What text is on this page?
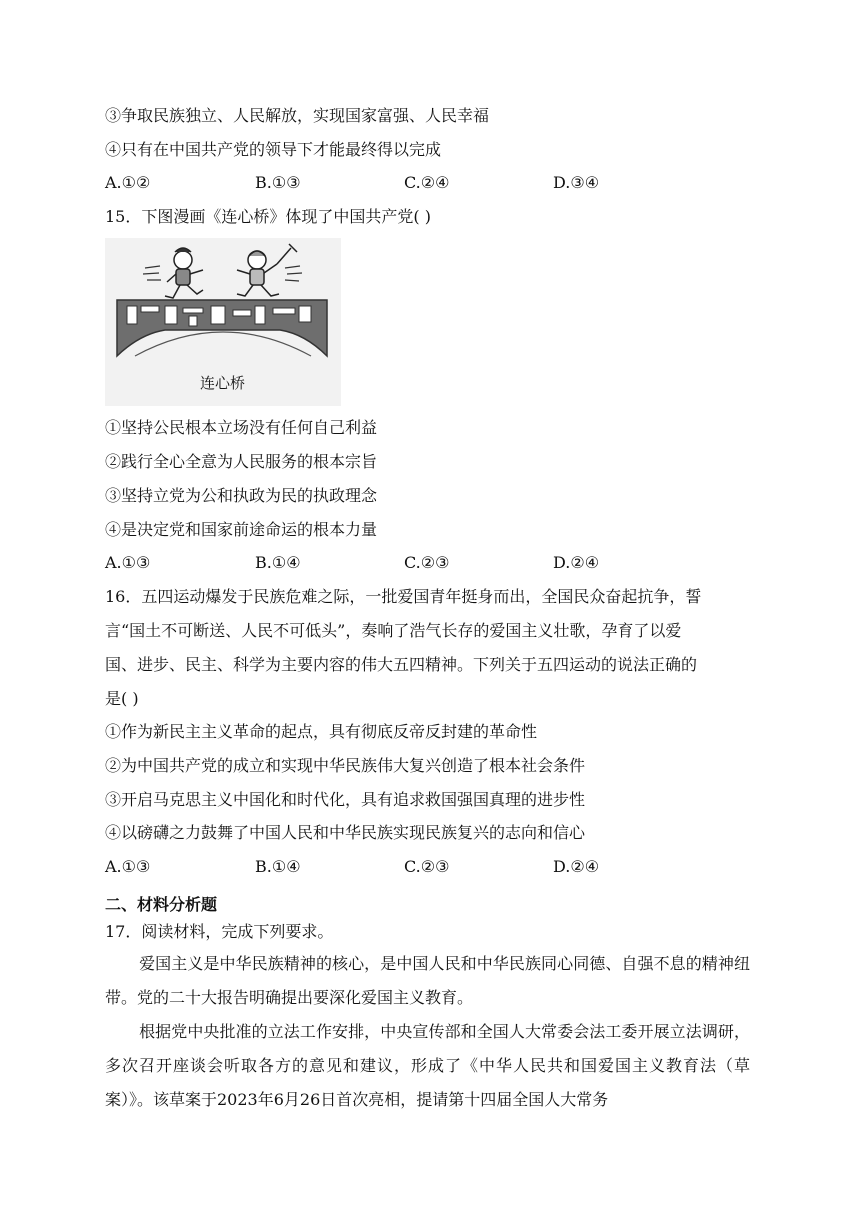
③争取民族独立、人民解放，实现国家富强、人民幸福
④只有在中国共产党的领导下才能最终得以完成
A.①②	B.①③	C.②④	D.③④
15．下图漫画《连心桥》体现了中国共产党( )
连心桥
①坚持公民根本立场没有任何自己利益
②践行全心全意为人民服务的根本宗旨
③坚持立党为公和执政为民的执政理念
④是决定党和国家前途命运的根本力量
A.①③	B.①④	C.②③	D.②④
16．五四运动爆发于民族危难之际，一批爱国青年挺身而出，全国民众奋起抗争，誓
言“国土不可断送、人民不可低头”，奏响了浩气长存的爱国主义壮歌，孕育了以爱
国、进步、民主、科学为主要内容的伟大五四精神。下列关于五四运动的说法正确的
是( )
①作为新民主主义革命的起点，具有彻底反帝反封建的革命性
②为中国共产党的成立和实现中华民族伟大复兴创造了根本社会条件
③开启马克思主义中国化和时代化，具有追求救国强国真理的进步性
④以磅礴之力鼓舞了中国人民和中华民族实现民族复兴的志向和信心
A.①③	B.①④	C.②③	D.②④
二、材料分析题
17．阅读材料，完成下列要求。
爱国主义是中华民族精神的核心，是中国人民和中华民族同心同德、自强不息的精神纽带。党的二十大报告明确提出要深化爱国主义教育。
根据党中央批准的立法工作安排，中央宣传部和全国人大常委会法工委开展立法调研，多次召开座谈会听取各方的意见和建议，形成了《中华人民共和国爱国主义教育法（草案）》。该草案于2023年6月26日首次亮相，提请第十四届全国人大常务
